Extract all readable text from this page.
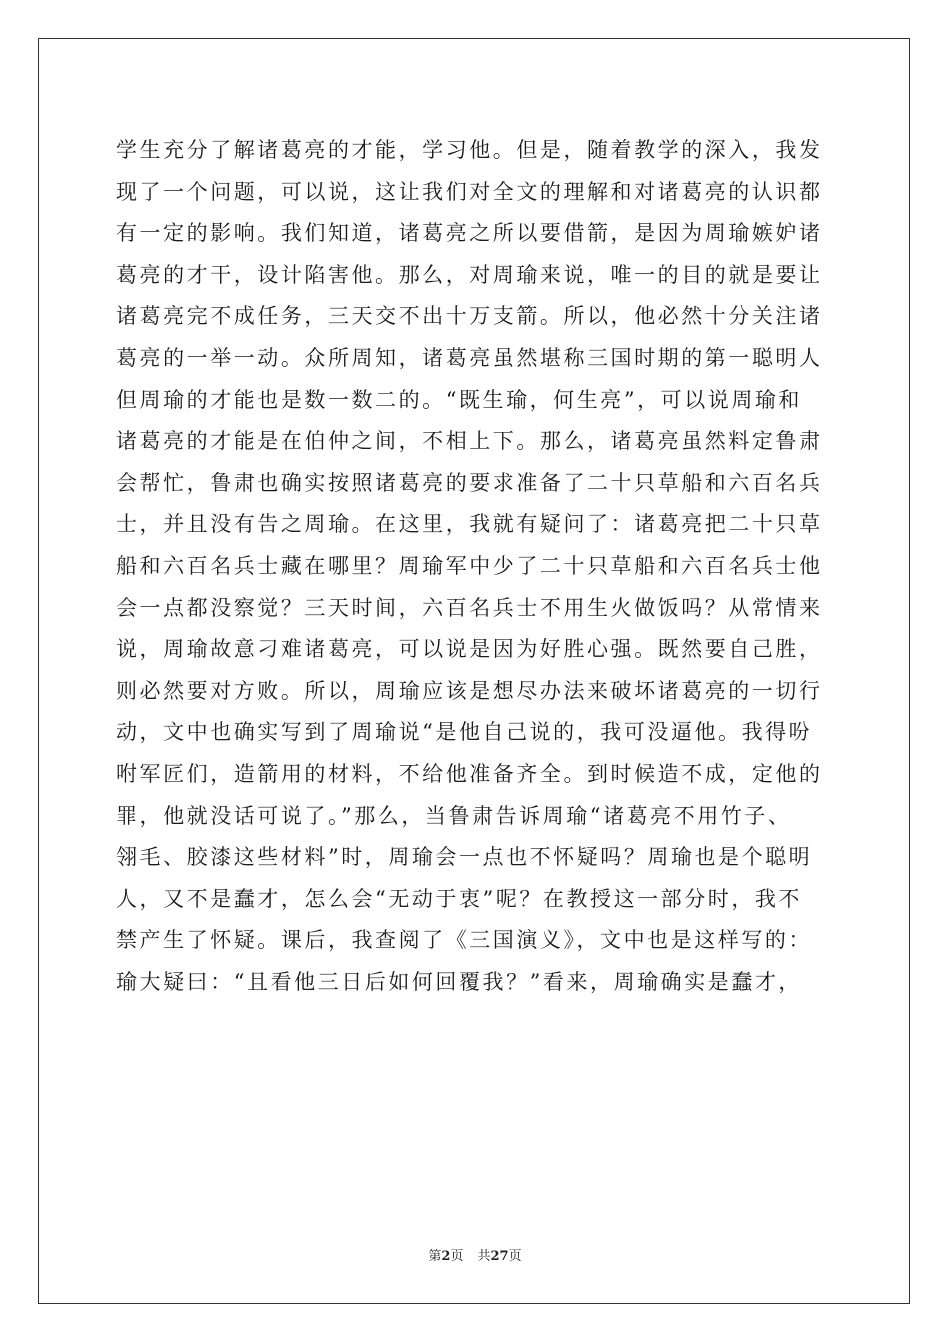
学生充分了解诸葛亮的才能，学习他。但是，随着教学的深入，我发
现了一个问题，可以说，这让我们对全文的理解和对诸葛亮的认识都
有一定的影响。我们知道，诸葛亮之所以要借箭，是因为周瑜嫉妒诸
葛亮的才干，设计陷害他。那么，对周瑜来说，唯一的目的就是要让
诸葛亮完不成任务，三天交不出十万支箭。所以，他必然十分关注诸
葛亮的一举一动。众所周知，诸葛亮虽然堪称三国时期的第一聪明人
但周瑜的才能也是数一数二的。“既生瑜，何生亮”，可以说周瑜和
诸葛亮的才能是在伯仲之间，不相上下。那么，诸葛亮虽然料定鲁肃
会帮忙，鲁肃也确实按照诸葛亮的要求准备了二十只草船和六百名兵
士，并且没有告之周瑜。在这里，我就有疑问了：诸葛亮把二十只草
船和六百名兵士藏在哪里？周瑜军中少了二十只草船和六百名兵士他
会一点都没察觉？三天时间，六百名兵士不用生火做饭吗？从常情来
说，周瑜故意刁难诸葛亮，可以说是因为好胜心强。既然要自己胜，
则必然要对方败。所以，周瑜应该是想尽办法来破坏诸葛亮的一切行
动，文中也确实写到了周瑜说“是他自己说的，我可没逼他。我得吩
咐军匠们，造箭用的材料，不给他准备齐全。到时候造不成，定他的
罪，他就没话可说了。”那么，当鲁肃告诉周瑜“诸葛亮不用竹子、
翎毛、胶漆这些材料”时，周瑜会一点也不怀疑吗？周瑜也是个聪明
人，又不是蠢才，怎么会“无动于衷”呢？在教授这一部分时，我不
禁产生了怀疑。课后，我查阅了《三国演义》，文中也是这样写的：
瑜大疑曰：“且看他三日后如何回覆我？”看来，周瑜确实是蠢才，
第2页 共27页
